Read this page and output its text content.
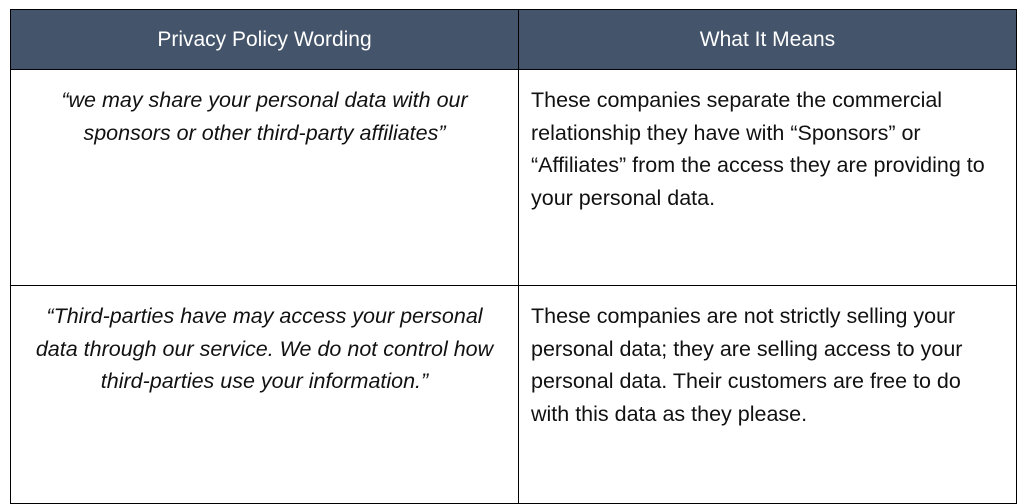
Privacy Policy Wording	What It Means
“we may share your personal data with our sponsors or other third-party affiliates”	These companies separate the commercial relationship they have with “Sponsors” or “Affiliates” from the access they are providing to your personal data.
“Third-parties have may access your personal data through our service. We do not control how third-parties use your information.”	These companies are not strictly selling your personal data; they are selling access to your personal data. Their customers are free to do with this data as they please.
